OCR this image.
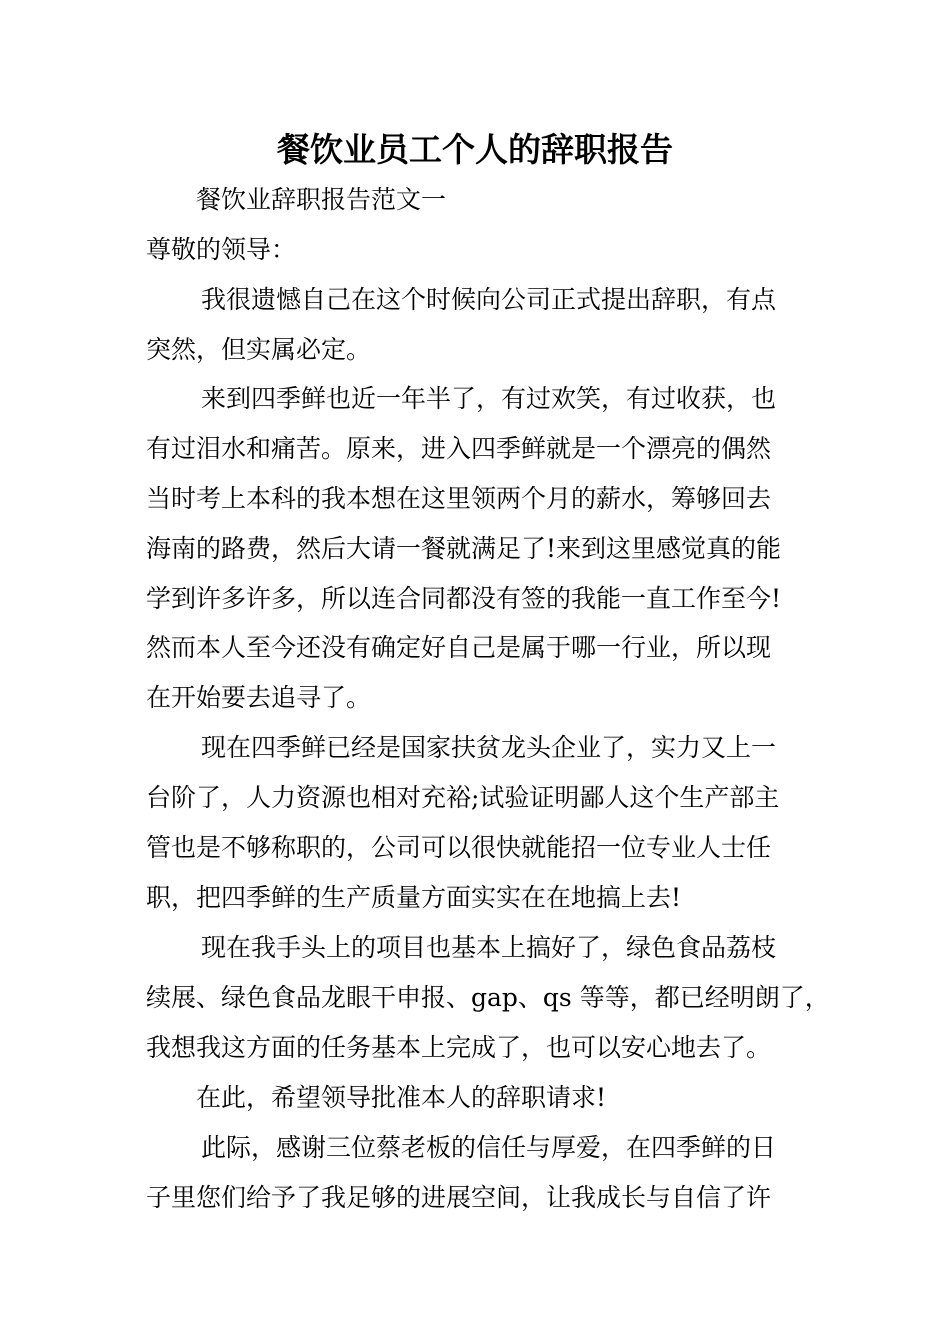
餐饮业员工个人的辞职报告

餐饮业辞职报告范文一

尊敬的领导：

我很遗憾自己在这个时候向公司正式提出辞职，有点

突然，但实属必定。

来到四季鲜也近一年半了，有过欢笑，有过收获，也

有过泪水和痛苦。原来，进入四季鲜就是一个漂亮的偶然

当时考上本科的我本想在这里领两个月的薪水，筹够回去

海南的路费，然后大请一餐就满足了!来到这里感觉真的能

学到许多许多，所以连合同都没有签的我能一直工作至今!

然而本人至今还没有确定好自己是属于哪一行业，所以现

在开始要去追寻了。

现在四季鲜已经是国家扶贫龙头企业了，实力又上一

台阶了，人力资源也相对充裕;试验证明鄙人这个生产部主

管也是不够称职的，公司可以很快就能招一位专业人士任

职，把四季鲜的生产质量方面实实在在地搞上去!

现在我手头上的项目也基本上搞好了，绿色食品荔枝

续展、绿色食品龙眼干申报、gap、qs 等等，都已经明朗了，

我想我这方面的任务基本上完成了，也可以安心地去了。

在此，希望领导批准本人的辞职请求!

此际，感谢三位蔡老板的信任与厚爱，在四季鲜的日

子里您们给予了我足够的进展空间，让我成长与自信了许
